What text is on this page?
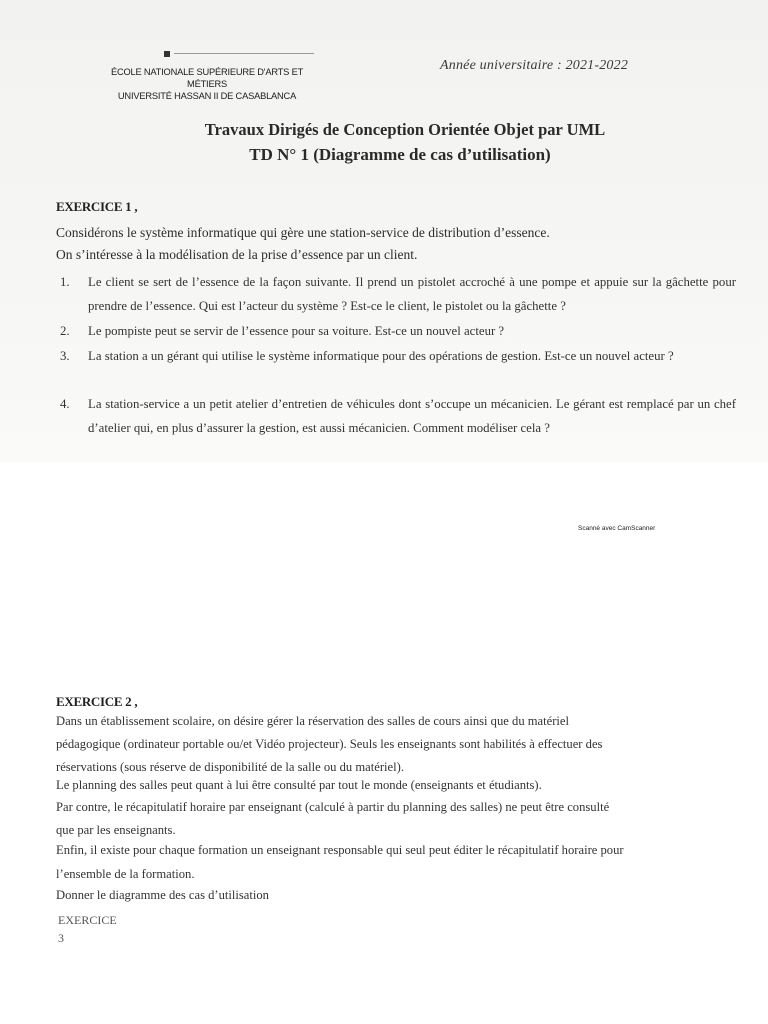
ÉCOLE NATIONALE SUPÉRIEURE D'ARTS ET MÉTIERS
UNIVERSITÉ HASSAN II DE CASABLANCA
Année universitaire : 2021-2022
Travaux Dirigés de Conception Orientée Objet par UML
TD N° 1 (Diagramme de cas d’utilisation)
EXERCICE 1 ,
Considérons le système informatique qui gère une station-service de distribution d’essence.
On s’intéresse à la modélisation de la prise d’essence par un client.
1. Le client se sert de l’essence de la façon suivante. Il prend un pistolet accroché à une pompe et appuie sur la gâchette pour prendre de l’essence. Qui est l’acteur du système ? Est-ce le client, le pistolet ou la gâchette ?
2. Le pompiste peut se servir de l’essence pour sa voiture. Est-ce un nouvel acteur ?
3. La station a un gérant qui utilise le système informatique pour des opérations de gestion. Est-ce un nouvel acteur ?
4. La station-service a un petit atelier d’entretien de véhicules dont s’occupe un mécanicien. Le gérant est remplacé par un chef d’atelier qui, en plus d’assurer la gestion, est aussi mécanicien. Comment modéliser cela ?
Scanné avec CamScanner
EXERCICE 2 ,
Dans un établissement scolaire, on désire gérer la réservation des salles de cours ainsi que du matériel
pédagogique (ordinateur portable ou/et Vidéo projecteur). Seuls les enseignants sont habilités à effectuer des
réservations (sous réserve de disponibilité de la salle ou du matériel).
Le planning des salles peut quant à lui être consulté par tout le monde (enseignants et étudiants).
Par contre, le récapitulatif horaire par enseignant (calculé à partir du planning des salles) ne peut être consulté
que par les enseignants.
Enfin, il existe pour chaque formation un enseignant responsable qui seul peut éditer le récapitulatif horaire pour
l’ensemble de la formation.
Donner le diagramme des cas d’utilisation
EXERCICE 3
